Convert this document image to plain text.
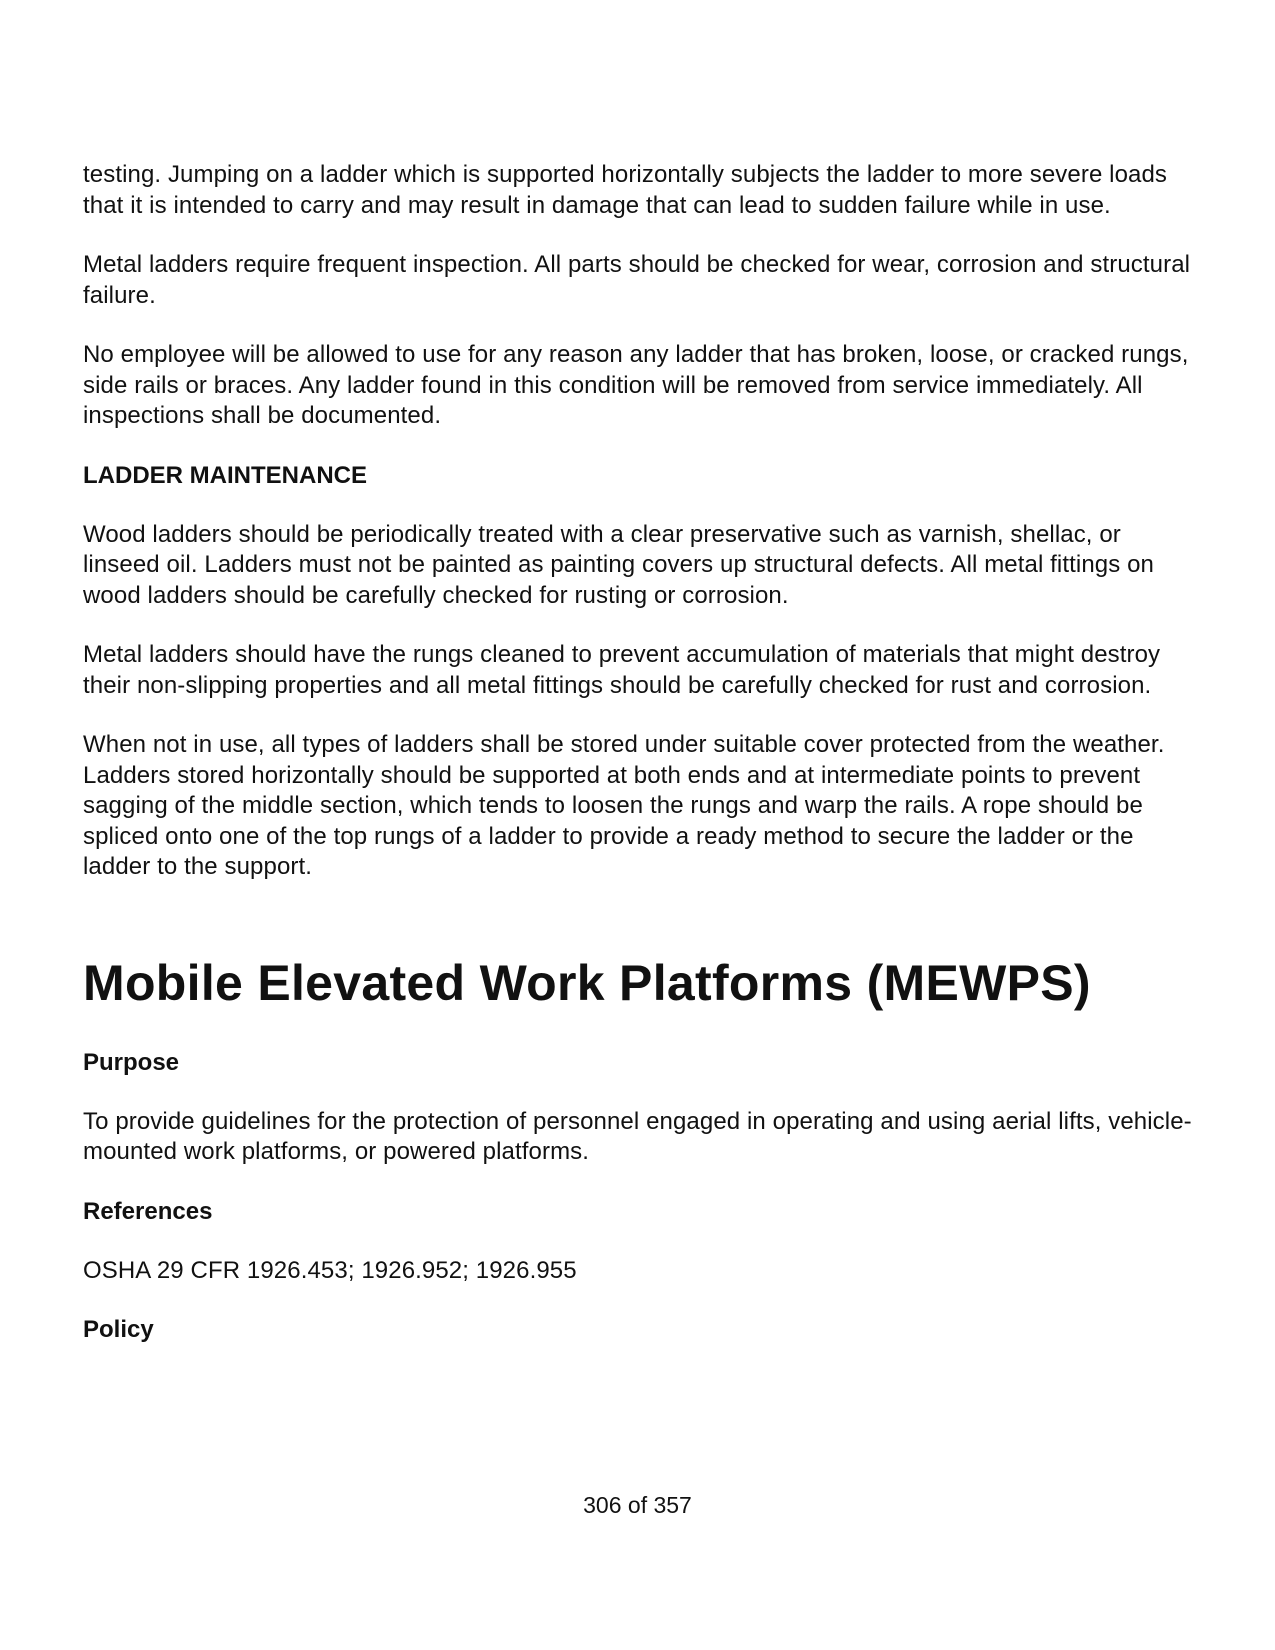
testing. Jumping on a ladder which is supported horizontally subjects the ladder to more severe loads that it is intended to carry and may result in damage that can lead to sudden failure while in use.

Metal ladders require frequent inspection. All parts should be checked for wear, corrosion and structural failure.

No employee will be allowed to use for any reason any ladder that has broken, loose, or cracked rungs, side rails or braces. Any ladder found in this condition will be removed from service immediately. All inspections shall be documented.

LADDER MAINTENANCE

Wood ladders should be periodically treated with a clear preservative such as varnish, shellac, or linseed oil. Ladders must not be painted as painting covers up structural defects. All metal fittings on wood ladders should be carefully checked for rusting or corrosion.

Metal ladders should have the rungs cleaned to prevent accumulation of materials that might destroy their non-slipping properties and all metal fittings should be carefully checked for rust and corrosion.

When not in use, all types of ladders shall be stored under suitable cover protected from the weather. Ladders stored horizontally should be supported at both ends and at intermediate points to prevent sagging of the middle section, which tends to loosen the rungs and warp the rails. A rope should be spliced onto one of the top rungs of a ladder to provide a ready method to secure the ladder or the ladder to the support.

Mobile Elevated Work Platforms (MEWPS)
Purpose

To provide guidelines for the protection of personnel engaged in operating and using aerial lifts, vehicle-mounted work platforms, or powered platforms.

References

OSHA 29 CFR 1926.453; 1926.952; 1926.955

Policy
306 of 357
